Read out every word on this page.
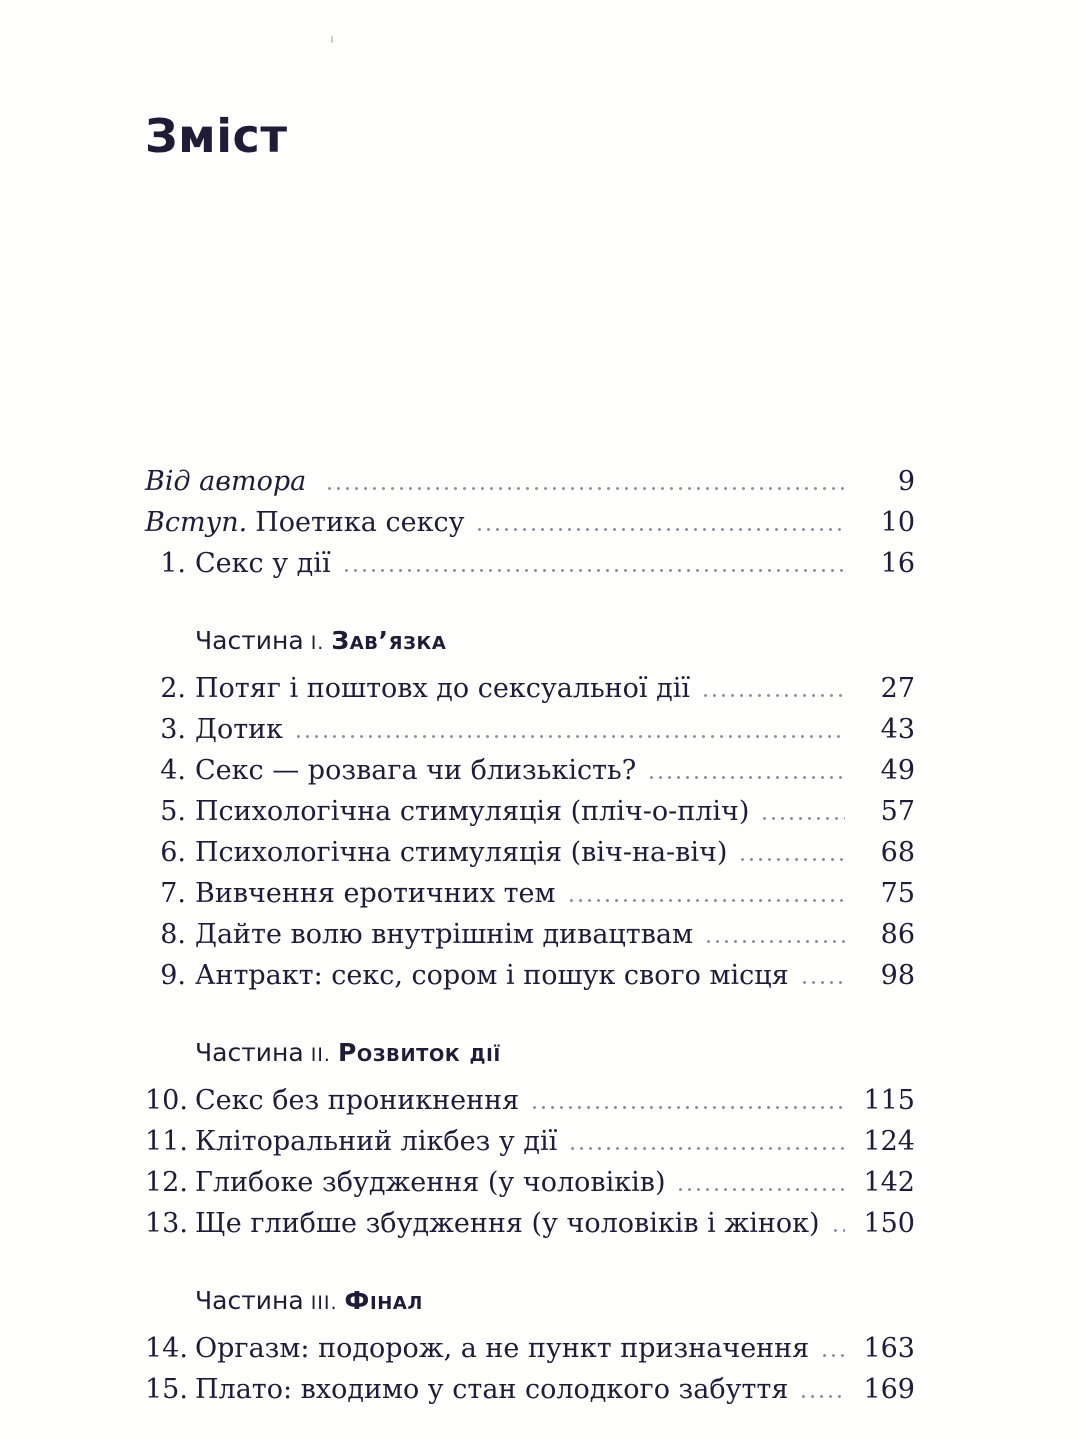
Зміст
Від автора	9
Вступ. Поетика сексу	10
1. Секс у дії	16
Частина I. Зав’язка
2. Потяг і поштовх до сексуальної дії	27
3. Дотик	43
4. Секс — розвага чи близькість?	49
5. Психологічна стимуляція (пліч-о-пліч)	57
6. Психологічна стимуляція (віч-на-віч)	68
7. Вивчення еротичних тем	75
8. Дайте волю внутрішнім дивацтвам	86
9. Антракт: секс, сором і пошук свого місця	98
Частина II. Розвиток дії
10. Секс без проникнення	115
11. Кліторальний лікбез у дії	124
12. Глибоке збудження (у чоловіків)	142
13. Ще глибше збудження (у чоловіків і жінок)	150
Частина III. Фінал
14. Оргазм: подорож, а не пункт призначення	163
15. Плато: входимо у стан солодкого забуття	169
